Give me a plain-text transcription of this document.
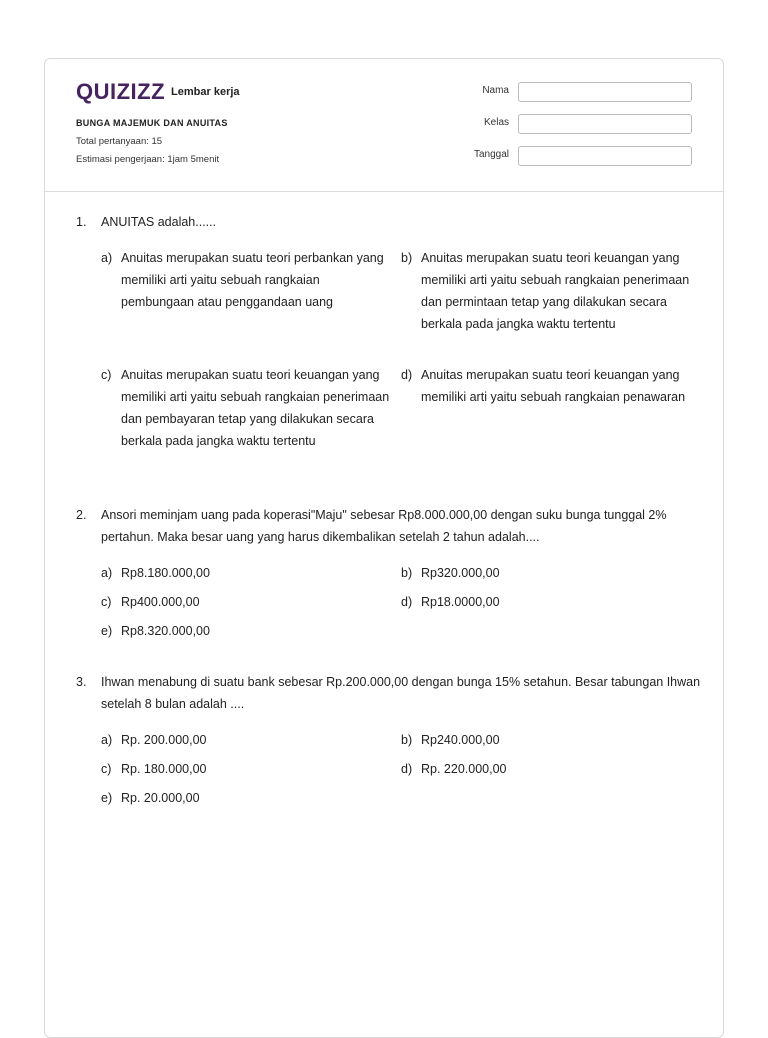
QUIZIZZ Lembar kerja
BUNGA MAJEMUK DAN ANUITAS
Total pertanyaan: 15
Estimasi pengerjaan: 1jam 5menit
Nama
Kelas
Tanggal
1. ANUITAS adalah......
a) Anuitas merupakan suatu teori perbankan yang memiliki arti yaitu sebuah rangkaian pembungaan atau penggandaan uang
b) Anuitas merupakan suatu teori keuangan yang memiliki arti yaitu sebuah rangkaian penerimaan dan permintaan tetap yang dilakukan secara berkala pada jangka waktu tertentu
c) Anuitas merupakan suatu teori keuangan yang memiliki arti yaitu sebuah rangkaian penerimaan dan pembayaran tetap yang dilakukan secara berkala pada jangka waktu tertentu
d) Anuitas merupakan suatu teori keuangan yang memiliki arti yaitu sebuah rangkaian penawaran
2. Ansori meminjam uang pada koperasi"Maju" sebesar Rp8.000.000,00 dengan suku bunga tunggal 2% pertahun. Maka besar uang yang harus dikembalikan setelah 2 tahun adalah....
a) Rp8.180.000,00	b) Rp320.000,00
c) Rp400.000,00	d) Rp18.0000,00
e) Rp8.320.000,00
3. Ihwan menabung di suatu bank sebesar Rp.200.000,00 dengan bunga 15% setahun. Besar tabungan Ihwan setelah 8 bulan adalah ....
a) Rp. 200.000,00	b) Rp240.000,00
c) Rp. 180.000,00	d) Rp. 220.000,00
e) Rp. 20.000,00
